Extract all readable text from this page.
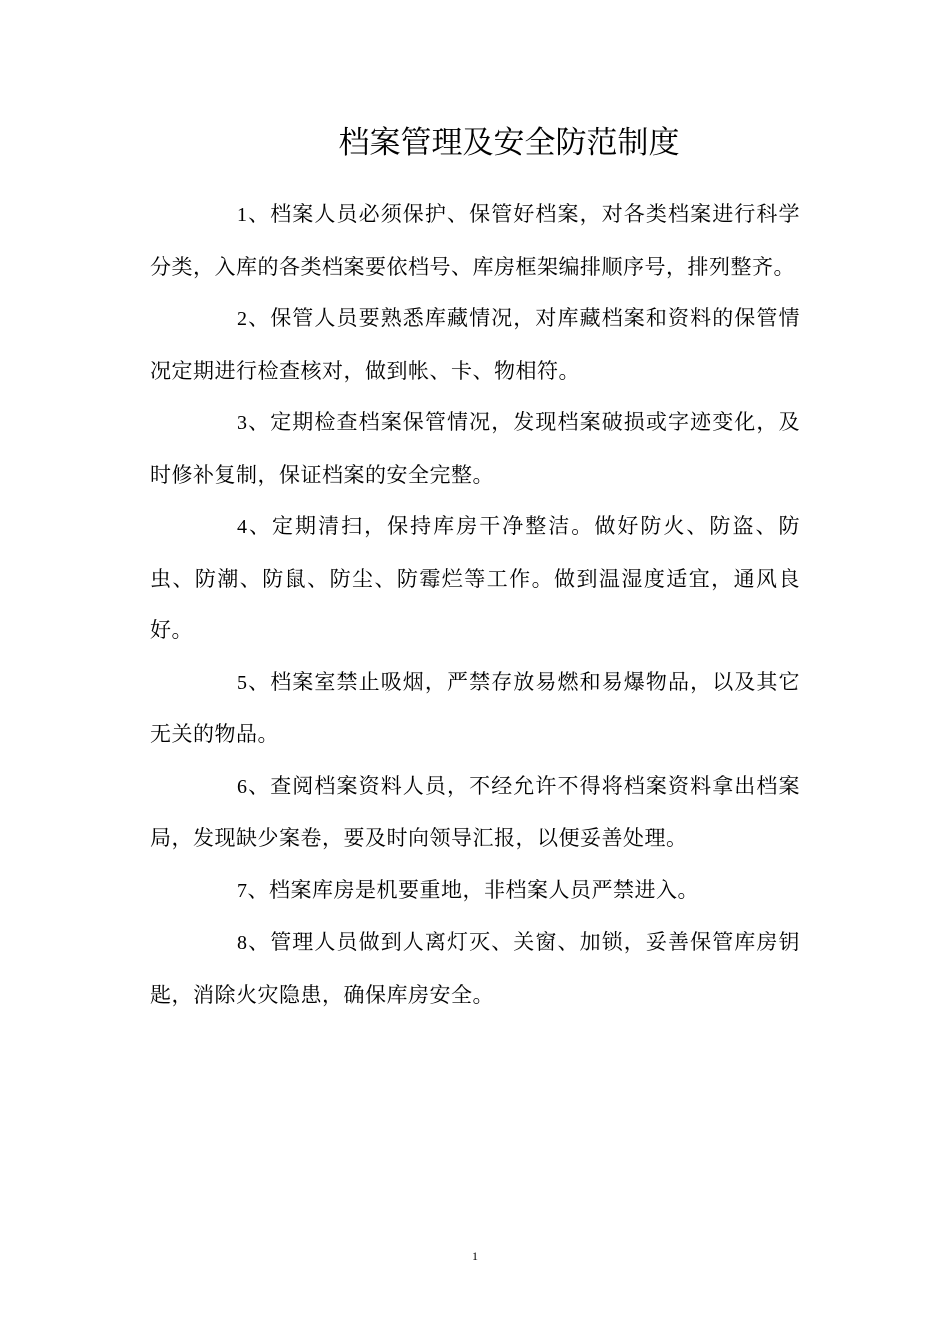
档案管理及安全防范制度

1、档案人员必须保护、保管好档案，对各类档案进行科学分类，入库的各类档案要依档号、库房框架编排顺序号，排列整齐。

2、保管人员要熟悉库藏情况，对库藏档案和资料的保管情况定期进行检查核对，做到帐、卡、物相符。

3、定期检查档案保管情况，发现档案破损或字迹变化，及时修补复制，保证档案的安全完整。

4、定期清扫，保持库房干净整洁。做好防火、防盗、防虫、防潮、防鼠、防尘、防霉烂等工作。做到温湿度适宜，通风良好。

5、档案室禁止吸烟，严禁存放易燃和易爆物品，以及其它无关的物品。

6、查阅档案资料人员，不经允许不得将档案资料拿出档案局，发现缺少案卷，要及时向领导汇报，以便妥善处理。

7、档案库房是机要重地，非档案人员严禁进入。

8、管理人员做到人离灯灭、关窗、加锁，妥善保管库房钥匙，消除火灾隐患，确保库房安全。

1
